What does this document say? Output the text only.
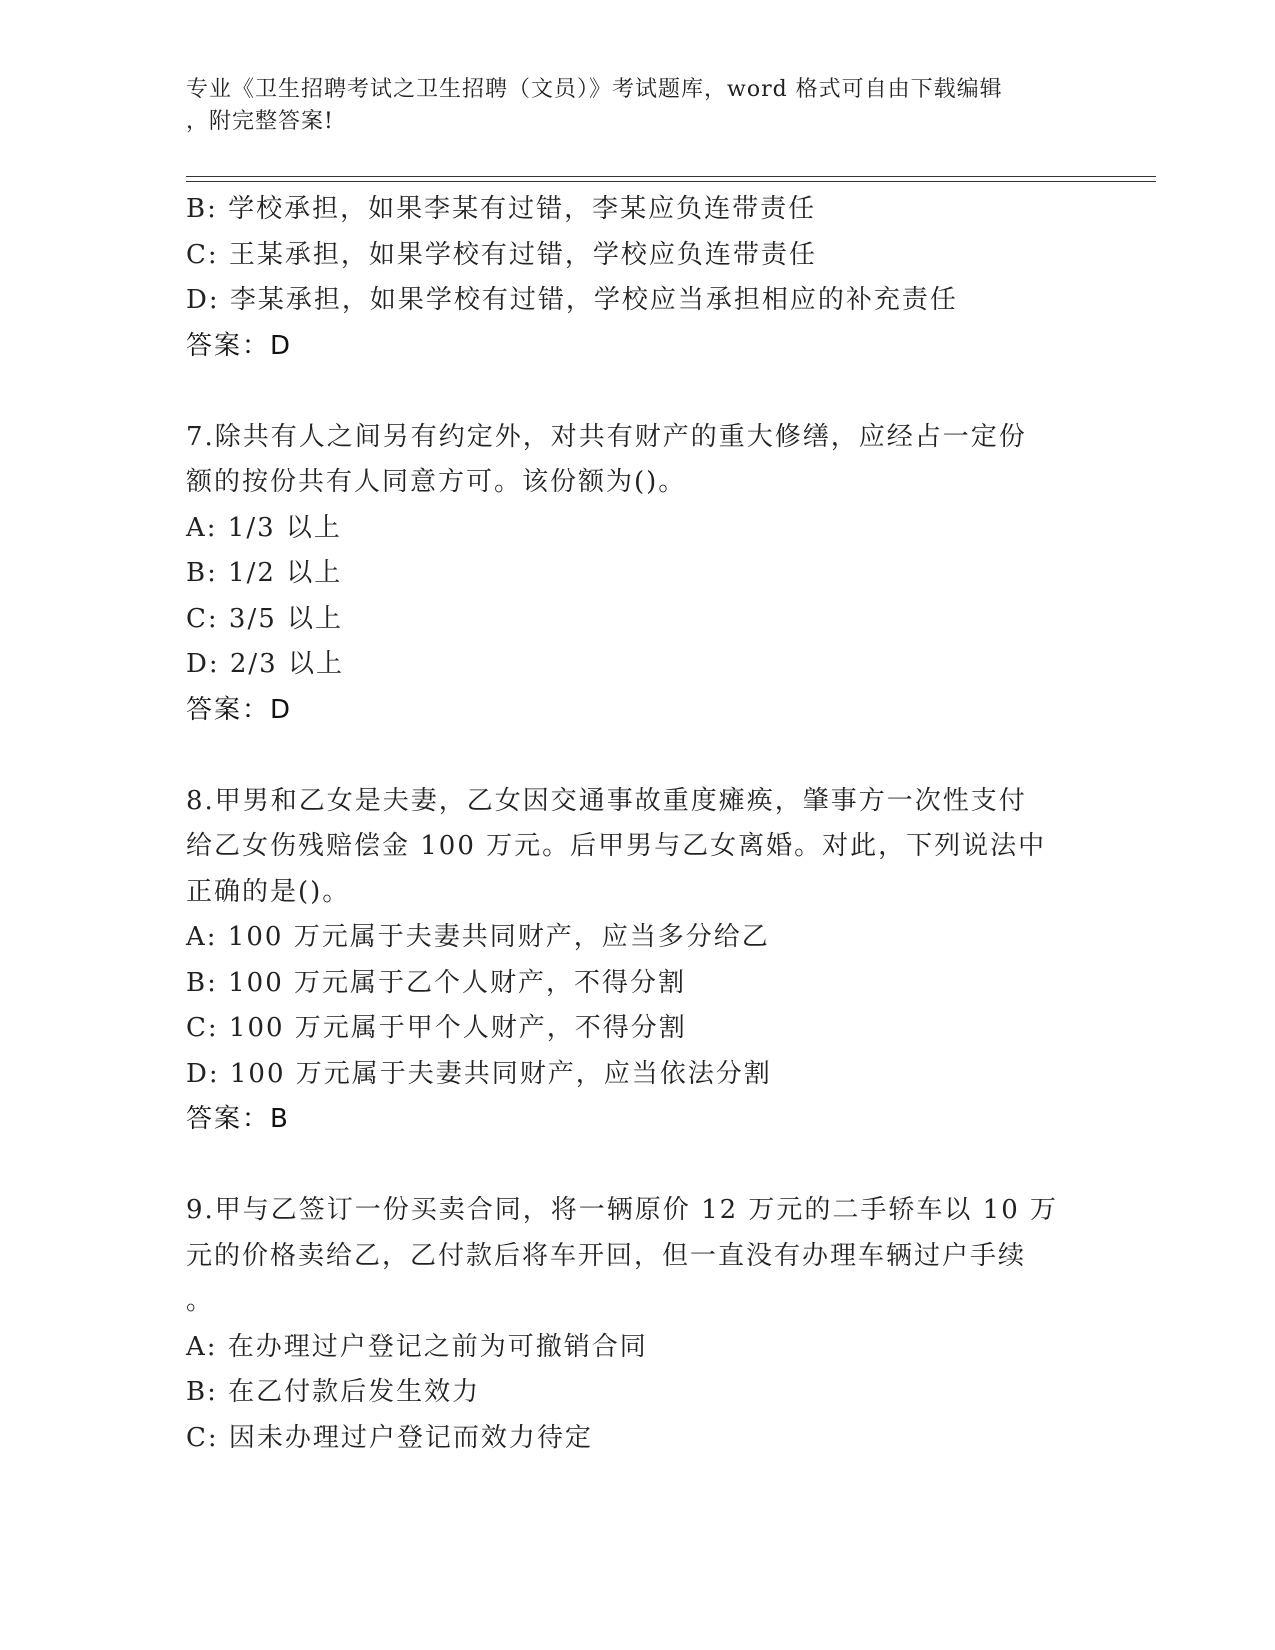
专业《卫生招聘考试之卫生招聘（文员）》考试题库，word 格式可自由下载编辑
，附完整答案!
B: 学校承担，如果李某有过错，李某应负连带责任
C: 王某承担，如果学校有过错，学校应负连带责任
D: 李某承担，如果学校有过错，学校应当承担相应的补充责任
答案：D
7.除共有人之间另有约定外，对共有财产的重大修缮，应经占一定份
额的按份共有人同意方可。该份额为()。
A: 1/3 以上
B: 1/2 以上
C: 3/5 以上
D: 2/3 以上
答案：D
8.甲男和乙女是夫妻，乙女因交通事故重度瘫痪，肇事方一次性支付
给乙女伤残赔偿金 100 万元。后甲男与乙女离婚。对此，下列说法中
正确的是()。
A: 100 万元属于夫妻共同财产，应当多分给乙
B: 100 万元属于乙个人财产，不得分割
C: 100 万元属于甲个人财产，不得分割
D: 100 万元属于夫妻共同财产，应当依法分割
答案：B
9.甲与乙签订一份买卖合同，将一辆原价 12 万元的二手轿车以 10 万
元的价格卖给乙，乙付款后将车开回，但一直没有办理车辆过户手续
。
A: 在办理过户登记之前为可撤销合同
B: 在乙付款后发生效力
C: 因未办理过户登记而效力待定
